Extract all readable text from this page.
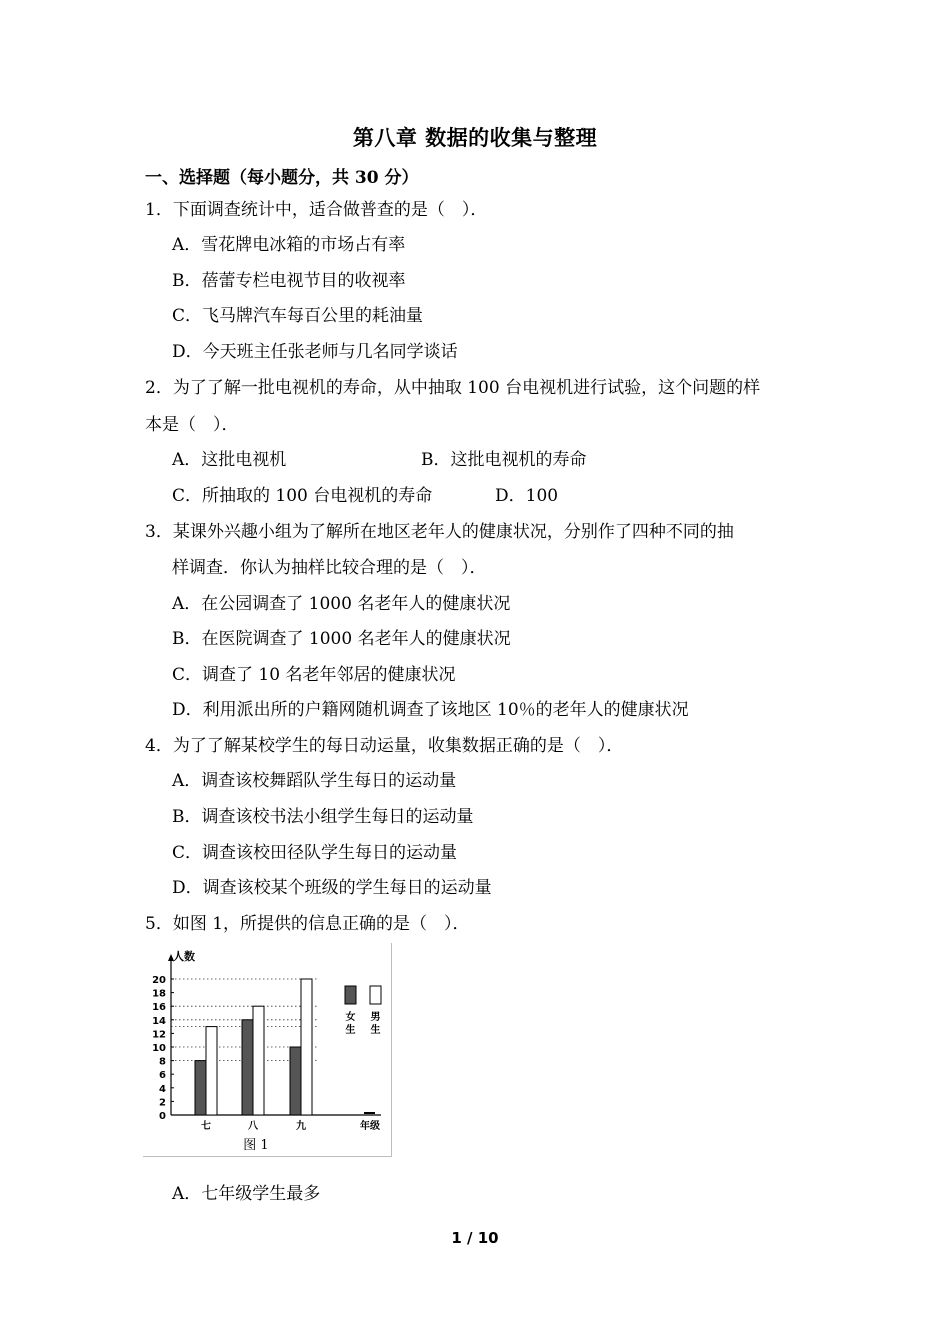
第八章 数据的收集与整理
一、选择题（每小题分，共 30 分）
1．下面调查统计中，适合做普查的是（　）．
A．雪花牌电冰箱的市场占有率
B．蓓蕾专栏电视节目的收视率
C．飞马牌汽车每百公里的耗油量
D．今天班主任张老师与几名同学谈话
2．为了了解一批电视机的寿命，从中抽取 100 台电视机进行试验，这个问题的样
本是（　）．
A．这批电视机	B．这批电视机的寿命
C．所抽取的 100 台电视机的寿命	D．100
3．某课外兴趣小组为了解所在地区老年人的健康状况，分别作了四种不同的抽
样调查．你认为抽样比较合理的是（　）．
A．在公园调查了 1000 名老年人的健康状况
B．在医院调查了 1000 名老年人的健康状况
C．调查了 10 名老年邻居的健康状况
D．利用派出所的户籍网随机调查了该地区 10％的老年人的健康状况
4．为了了解某校学生的每日动运量，收集数据正确的是（　）．
A．调查该校舞蹈队学生每日的运动量
B．调查该校书法小组学生每日的运动量
C．调查该校田径队学生每日的运动量
D．调查该校某个班级的学生每日的运动量
5．如图 1，所提供的信息正确的是（　）．
人数
0
2
4
6
8
10
12
14
16
18
20
七	八	九	年级
女
生
男
生
图 1
A．七年级学生最多
1 / 10
